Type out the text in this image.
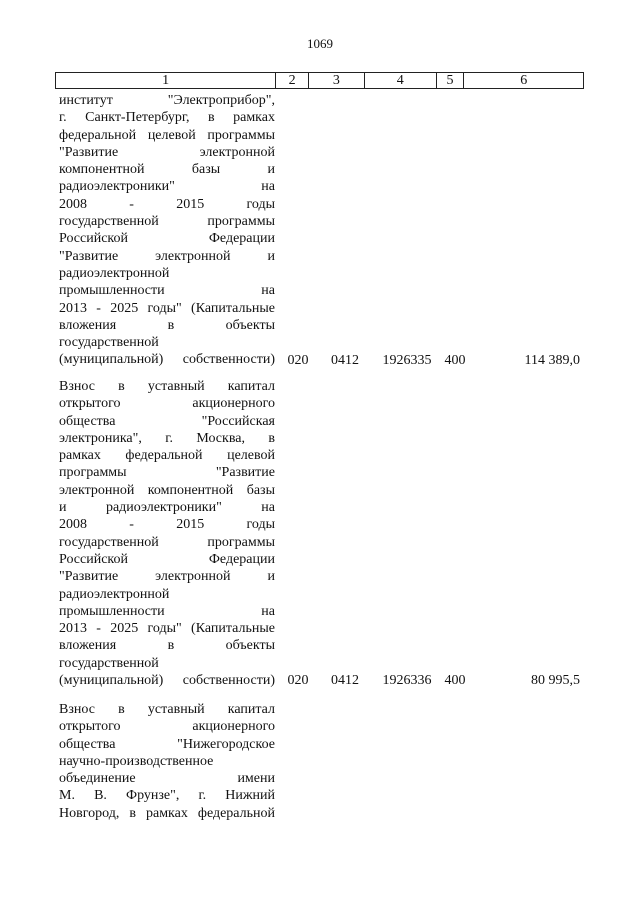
1069
1	2	3	4	5	6
институт "Электроприбор",
г. Санкт-Петербург, в рамках
федеральной целевой программы
"Развитие электронной
компонентной базы и
радиоэлектроники" на
2008 - 2015 годы
государственной программы
Российской Федерации
"Развитие электронной и
радиоэлектронной
промышленности на
2013 - 2025 годы" (Капитальные
вложения в объекты
государственной
(муниципальной) собственности) 020	0412	1926335 400	114 389,0
Взнос в уставный капитал
открытого акционерного
общества "Российская
электроника", г. Москва, в
рамках федеральной целевой
программы "Развитие
электронной компонентной базы
и радиоэлектроники" на
2008 - 2015 годы
государственной программы
Российской Федерации
"Развитие электронной и
радиоэлектронной
промышленности на
2013 - 2025 годы" (Капитальные
вложения в объекты
государственной
(муниципальной) собственности) 020	0412	1926336 400	80 995,5
Взнос в уставный капитал
открытого акционерного
общества "Нижегородское
научно-производственное
объединение имени
М. В. Фрунзе", г. Нижний
Новгород, в рамках федеральной
